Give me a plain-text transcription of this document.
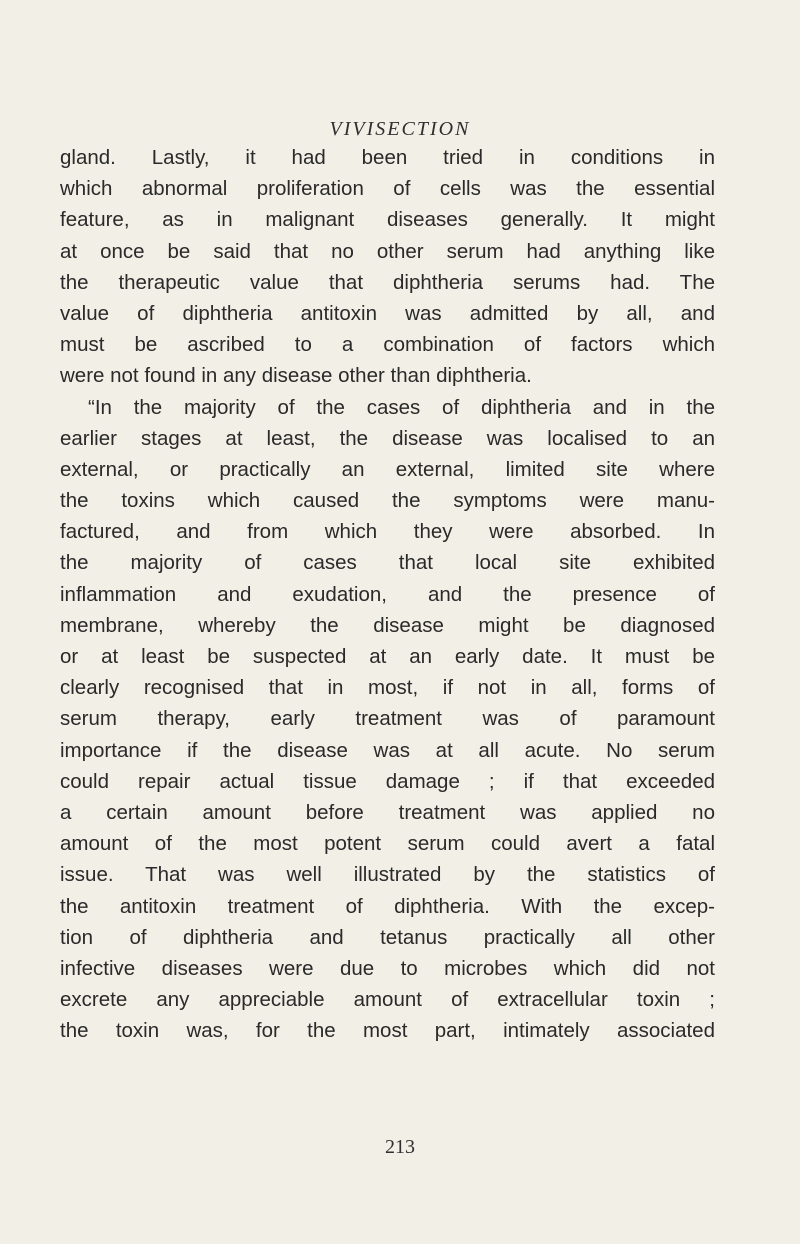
VIVISECTION
gland. Lastly, it had been tried in conditions in
which abnormal proliferation of cells was the essential
feature, as in malignant diseases generally. It might
at once be said that no other serum had anything like
the therapeutic value that diphtheria serums had. The
value of diphtheria antitoxin was admitted by all, and
must be ascribed to a combination of factors which
were not found in any disease other than diphtheria.
“In the majority of the cases of diphtheria and in the
earlier stages at least, the disease was localised to an
external, or practically an external, limited site where
the toxins which caused the symptoms were manu-
factured, and from which they were absorbed. In
the majority of cases that local site exhibited
inflammation and exudation, and the presence of
membrane, whereby the disease might be diagnosed
or at least be suspected at an early date. It must be
clearly recognised that in most, if not in all, forms of
serum therapy, early treatment was of paramount
importance if the disease was at all acute. No serum
could repair actual tissue damage ; if that exceeded
a certain amount before treatment was applied no
amount of the most potent serum could avert a fatal
issue. That was well illustrated by the statistics of
the antitoxin treatment of diphtheria. With the excep-
tion of diphtheria and tetanus practically all other
infective diseases were due to microbes which did not
excrete any appreciable amount of extracellular toxin ;
the toxin was, for the most part, intimately associated
213
